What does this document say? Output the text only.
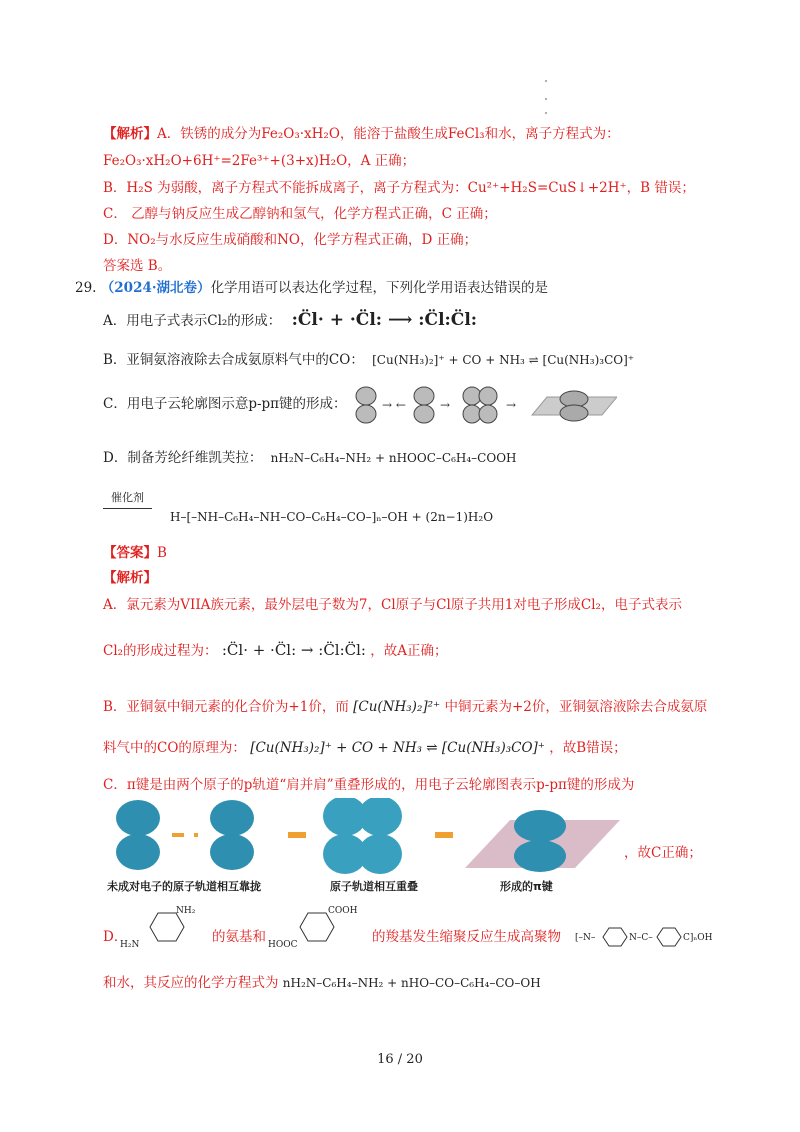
【解析】A．铁锈的成分为Fe₂O₃·xH₂O，能溶于盐酸生成FeCl₃和水，离子方程式为：
Fe₂O₃·xH₂O+6H⁺=2Fe³⁺+(3+x)H₂O，A 正确；
B．H₂S 为弱酸，离子方程式不能拆成离子，离子方程式为：Cu²⁺+H₂S=CuS↓+2H⁺，B 错误；
C． 乙醇与钠反应生成乙醇钠和氢气，化学方程式正确，C 正确；
D．NO₂与水反应生成硝酸和NO，化学方程式正确，D 正确；
答案选 B。
29. （2024·湖北卷）化学用语可以表达化学过程，下列化学用语表达错误的是
A．用电子式表示Cl₂的形成： :C̈l· + ·C̈l: ⟶ :C̈l:C̈l:
B．亚铜氨溶液除去合成氨原料气中的CO： [Cu(NH₃)₂]⁺ + CO + NH₃ ⇌ [Cu(NH₃)₃CO]⁺
C．用电子云轮廓图示意p-pπ键的形成：	→ ←	→	→
D．制备芳纶纤维凯芙拉： nH₂N–C₆H₄–NH₂ + nHOOC–C₆H₄–COOH
催化剂
H–[–NH–C₆H₄–NH–CO–C₆H₄–CO–]ₙ–OH + (2n−1)H₂O
【答案】B
【解析】
A．氯元素为VIIA族元素，最外层电子数为7，Cl原子与Cl原子共用1对电子形成Cl₂，电子式表示
Cl₂的形成过程为： :C̈l· + ·C̈l: → :C̈l:C̈l: ，故A正确；
B．亚铜氨中铜元素的化合价为+1价，而 [Cu(NH₃)₂]²⁺ 中铜元素为+2价，亚铜氨溶液除去合成氨原
料气中的CO的原理为： [Cu(NH₃)₂]⁺ + CO + NH₃ ⇌ [Cu(NH₃)₃CO]⁺ ，故B错误；
C．π键是由两个原子的p轨道“肩并肩”重叠形成的，用电子云轮廓图表示p-pπ键的形成为
，故C正确；
未成对电子的原子轨道相互靠拢	原子轨道相互重叠	形成的π键
D．
NH₂
H₂N	的氨基和
COOH
HOOC	的羧基发生缩聚反应生成高聚物 [–N–	N–C–	C]ₙOH
和水，其反应的化学方程式为 nH₂N–C₆H₄–NH₂ + nHO–CO–C₆H₄–CO–OH
16 / 20
